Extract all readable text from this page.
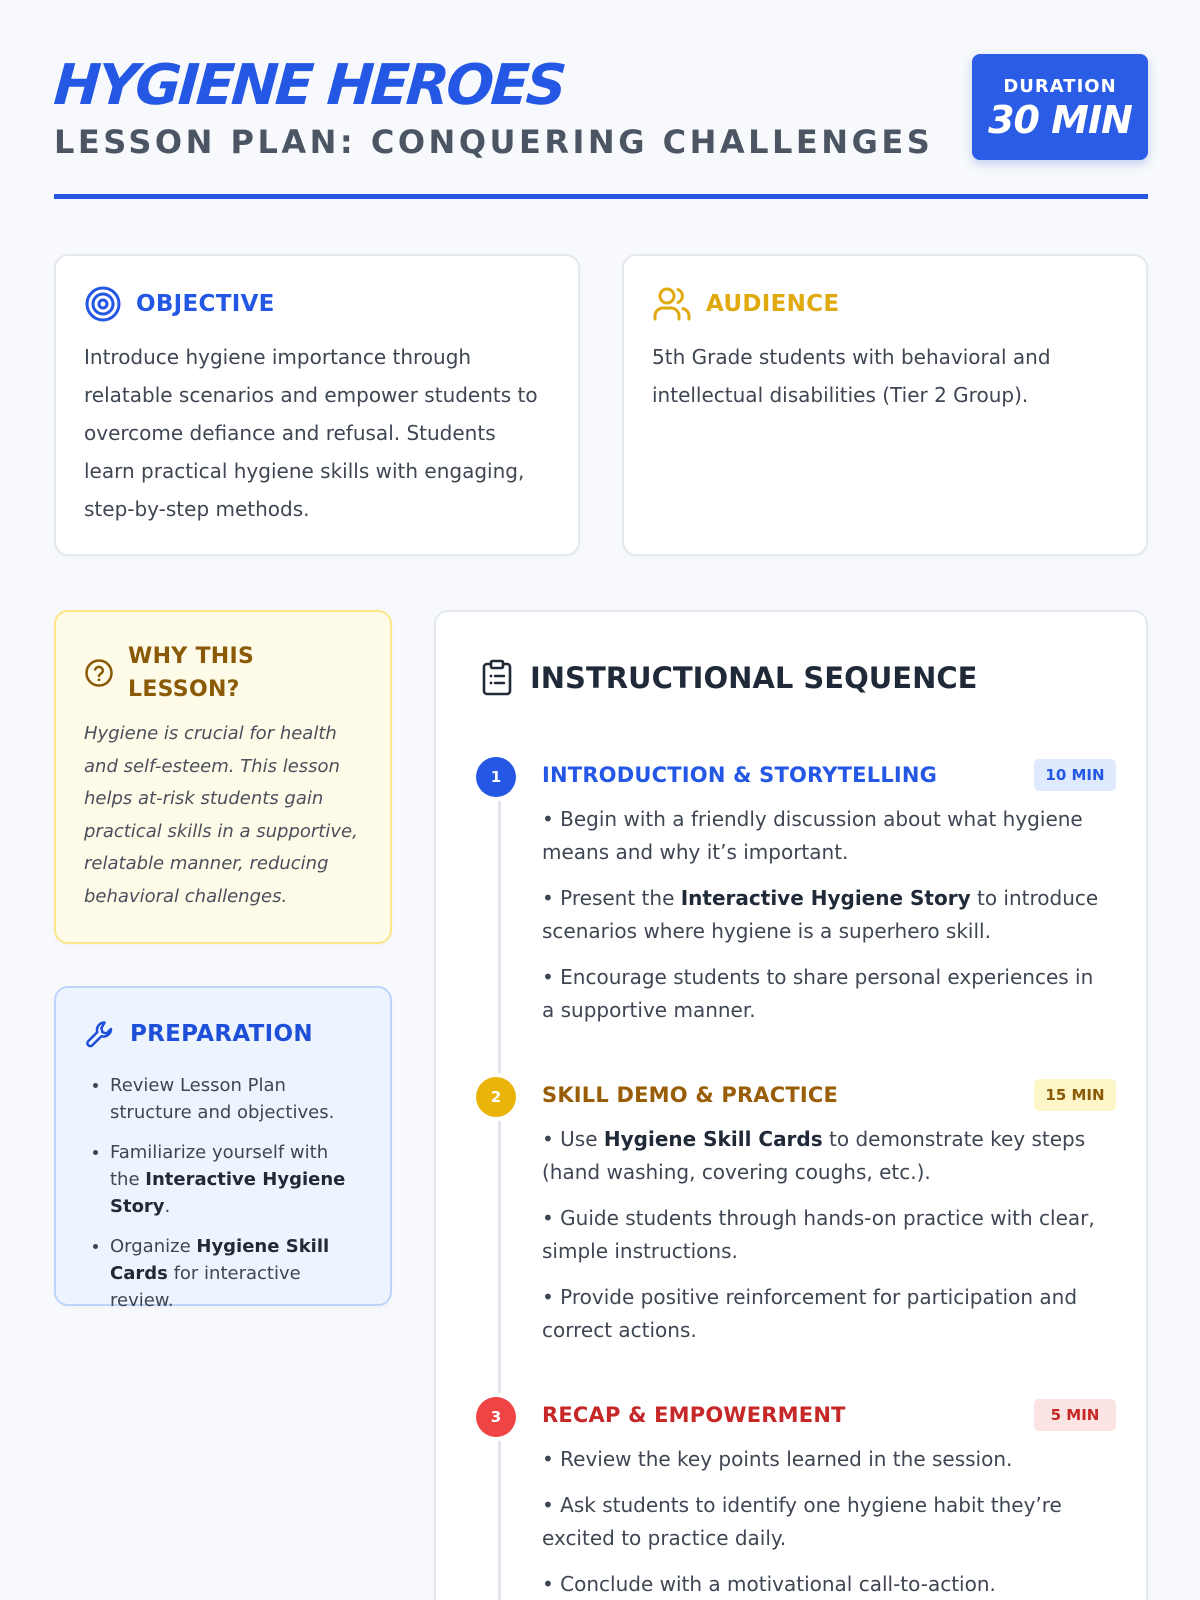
HYGIENE HEROES
LESSON PLAN: CONQUERING CHALLENGES
DURATION
30 MIN
OBJECTIVE

Introduce hygiene importance through relatable scenarios and empower students to overcome defiance and refusal. Students learn practical hygiene skills with engaging, step-by-step methods.

AUDIENCE

5th Grade students with behavioral and intellectual disabilities (Tier 2 Group).

WHY THIS LESSON?

Hygiene is crucial for health and self-esteem. This lesson helps at-risk students gain practical skills in a supportive, relatable manner, reducing behavioral challenges.

PREPARATION
• Review Lesson Plan structure and objectives.
• Familiarize yourself with the Interactive Hygiene Story.
• Organize Hygiene Skill Cards for interactive review.
INSTRUCTIONAL SEQUENCE
1	INTRODUCTION & STORYTELLING	10 MIN
• Begin with a friendly discussion about what hygiene means and why it’s important.
• Present the Interactive Hygiene Story to introduce scenarios where hygiene is a superhero skill.
• Encourage students to share personal experiences in a supportive manner.
2	SKILL DEMO & PRACTICE	15 MIN
• Use Hygiene Skill Cards to demonstrate key steps (hand washing, covering coughs, etc.).
• Guide students through hands-on practice with clear, simple instructions.
• Provide positive reinforcement for participation and correct actions.
3	RECAP & EMPOWERMENT	5 MIN
• Review the key points learned in the session.
• Ask students to identify one hygiene habit they’re excited to practice daily.
• Conclude with a motivational call-to-action.
